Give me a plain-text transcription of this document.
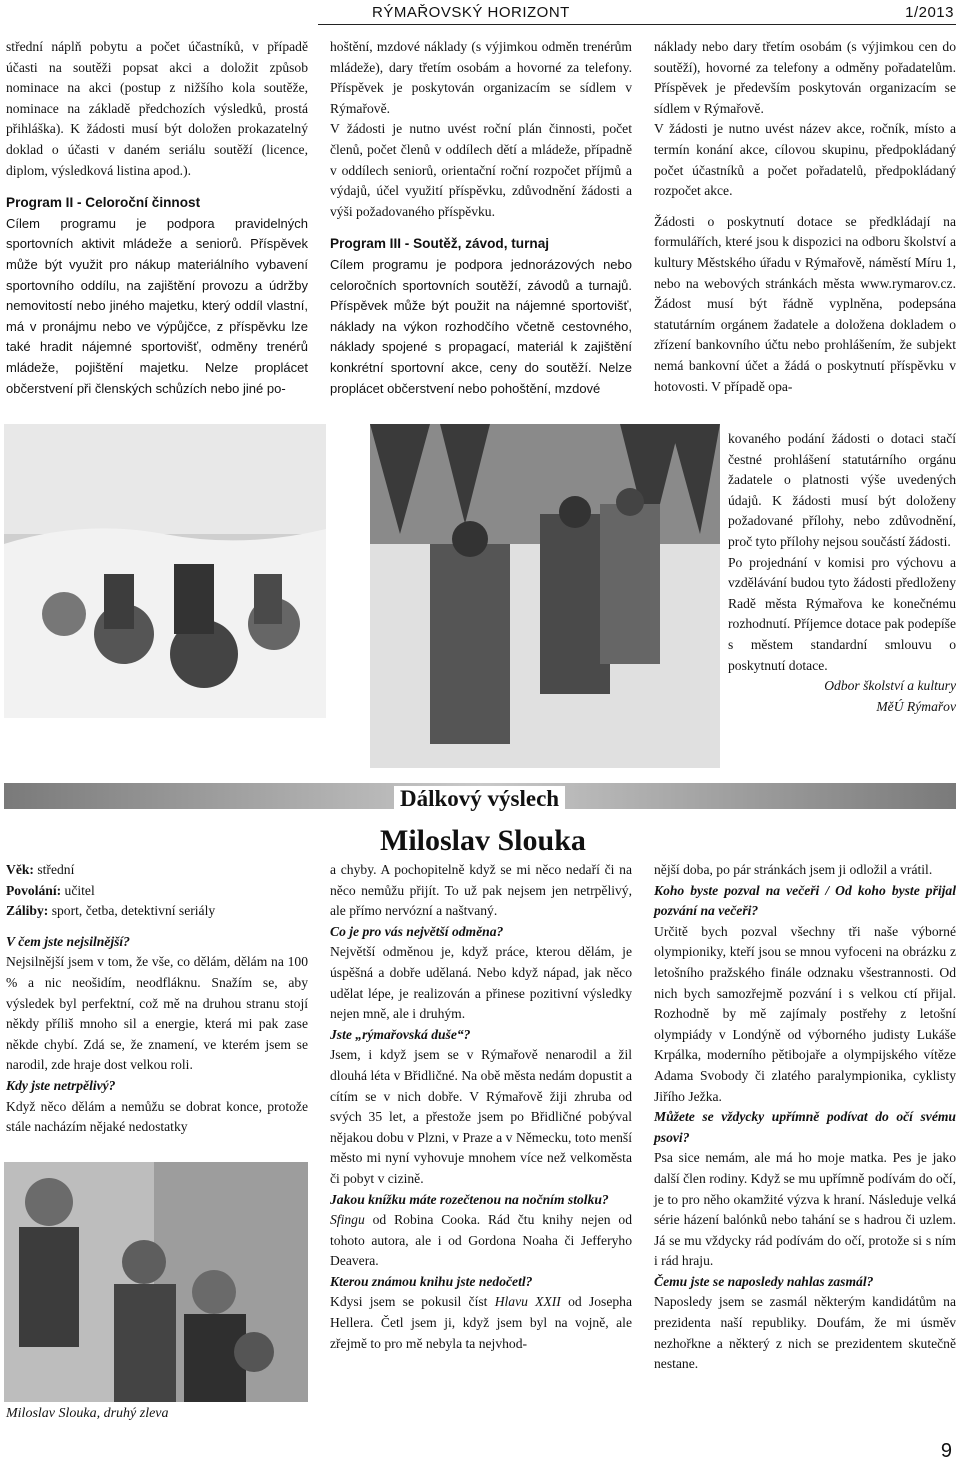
RÝMAŘOVSKÝ HORIZONT	1/2013

střední náplň pobytu a počet účastníků, v případě účasti na soutěži popsat akci a doložit způsob nominace na akci (postup z nižšího kola soutěže, nominace na základě předchozích výsledků, prostá přihláška). K žádosti musí být doložen prokazatelný doklad o účasti v daném seriálu soutěží (licence, diplom, výsledková listina apod.).

Program II - Celoroční činnost

Cílem programu je podpora pravidelných sportovních aktivit mládeže a seniorů. Příspěvek může být využit pro nákup materiálního vybavení sportovního oddílu, na zajištění provozu a údržby nemovitostí nebo jiného majetku, který oddíl vlastní, má v pronájmu nebo ve výpůjčce, z příspěvku lze také hradit nájemné sportovišť, odměny trenérů mládeže, pojištění majetku. Nelze proplácet občerstvení při členských schůzích nebo jiné po-

hoštění, mzdové náklady (s výjimkou odměn trenérům mládeže), dary třetím osobám a hovorné za telefony. Příspěvek je poskytován organizacím se sídlem v Rýmařově.

V žádosti je nutno uvést roční plán činnosti, počet členů, počet členů v oddílech dětí a mládeže, případně v oddílech seniorů, orientační roční rozpočet příjmů a výdajů, účel využití příspěvku, zdůvodnění žádosti a výši požadovaného příspěvku.

Program III - Soutěž, závod, turnaj

Cílem programu je podpora jednorázových nebo celoročních sportovních soutěží, závodů a turnajů. Příspěvek může být použit na nájemné sportovišť, náklady na výkon rozhodčího včetně cestovného, náklady spojené s propagací, materiál k zajištění konkrétní sportovní akce, ceny do soutěží. Nelze proplácet občerstvení nebo pohoštění, mzdové

náklady nebo dary třetím osobám (s výjimkou cen do soutěží), hovorné za telefony a odměny pořadatelům. Příspěvek je především poskytován organizacím se sídlem v Rýmařově.

V žádosti je nutno uvést název akce, ročník, místo a termín konání akce, cílovou skupinu, předpokládaný počet účastníků a počet pořadatelů, předpokládaný rozpočet akce.

Žádosti o poskytnutí dotace se předkládají na formulářích, které jsou k dispozici na odboru školství a kultury Městského úřadu v Rýmařově, náměstí Míru 1, nebo na webových stránkách města www.rymarov.cz. Žádost musí být řádně vyplněna, podepsána statutárním orgánem žadatele a doložena dokladem o zřízení bankovního účtu nebo prohlášením, že subjekt nemá bankovní účet a žádá o poskytnutí příspěvku v hotovosti. V případě opa-

kovaného podání žádosti o dotaci stačí čestné prohlášení statutárního orgánu žadatele o platnosti výše uvedených údajů. K žádosti musí být doloženy požadované přílohy, nebo zdůvodnění, proč tyto přílohy nejsou součástí žádosti.

Po projednání v komisi pro výchovu a vzdělávání budou tyto žádosti předloženy Radě města Rýmařova ke konečnému rozhodnutí. Příjemce dotace pak podepíše s městem standardní smlouvu o poskytnutí dotace.

Odbor školství a kultury

MěÚ Rýmařov

Dálkový výslech
Miloslav Slouka

Věk: střední

Povolání: učitel

Záliby: sport, četba, detektivní seriály

V čem jste nejsilnější?

Nejsilnější jsem v tom, že vše, co dělám, dělám na 100 % a nic neošidím, neodfláknu. Snažím se, aby výsledek byl perfektní, což mě na druhou stranu stojí někdy příliš mnoho sil a energie, která mi pak zase někde chybí. Zdá se, že znamení, ve kterém jsem se narodil, zde hraje dost velkou roli.

Kdy jste netrpělivý?

Když něco dělám a nemůžu se dobrat konce, protože stále nacházím nějaké nedostatky

Miloslav Slouka, druhý zleva

a chyby. A pochopitelně když se mi něco nedaří či na něco nemůžu přijít. To už pak nejsem jen netrpělivý, ale přímo nervózní a naštvaný.

Co je pro vás největší odměna?

Největší odměnou je, když práce, kterou dělám, je úspěšná a dobře udělaná. Nebo když nápad, jak něco udělat lépe, je realizován a přinese pozitivní výsledky nejen mně, ale i druhým.

Jste „rýmařovská duše“?

Jsem, i když jsem se v Rýmařově nenarodil a žil dlouhá léta v Břidličné. Na obě města nedám dopustit a cítím se v nich dobře. V Rýmařově žiji zhruba od svých 35 let, a přestože jsem po Břidličné pobýval nějakou dobu v Plzni, v Praze a v Německu, toto menší město mi nyní vyhovuje mnohem více než velkoměsta či pobyt v cizině.

Jakou knížku máte rozečtenou na nočním stolku?

Sfingu od Robina Cooka. Rád čtu knihy nejen od tohoto autora, ale i od Gordona Noaha či Jefferyho Deavera.

Kterou známou knihu jste nedočetl?

Kdysi jsem se pokusil číst Hlavu XXII od Josepha Hellera. Četl jsem ji, když jsem byl na vojně, ale zřejmě to pro mě nebyla ta nejvhod-

nější doba, po pár stránkách jsem ji odložil a vrátil.

Koho byste pozval na večeři / Od koho byste přijal pozvání na večeři?

Určitě bych pozval všechny tři naše výborné olympioniky, kteří jsou se mnou vyfoceni na obrázku z letošního pražského finále odznaku všestrannosti. Od nich bych samozřejmě pozvání i s velkou ctí přijal. Rozhodně by mě zajímaly postřehy z letošní olympiády v Londýně od výborného judisty Lukáše Krpálka, moderního pětibojaře a olympijského vítěze Adama Svobody či zlatého paralympionika, cyklisty Jiřího Ježka.

Můžete se vždycky upřímně podívat do očí svému psovi?

Psa sice nemám, ale má ho moje matka. Pes je jako další člen rodiny. Když se mu upřímně podívám do očí, je to pro něho okamžité výzva k hraní. Následuje velká série házení balónků nebo tahání se s hadrou či uzlem. Já se mu vždycky rád podívám do očí, protože si s ním i rád hraju.

Čemu jste se naposledy nahlas zasmál?

Naposledy jsem se zasmál některým kandidátům na prezidenta naší republiky. Doufám, že mi úsměv nezhořkne a některý z nich se prezidentem skutečně nestane.

9
